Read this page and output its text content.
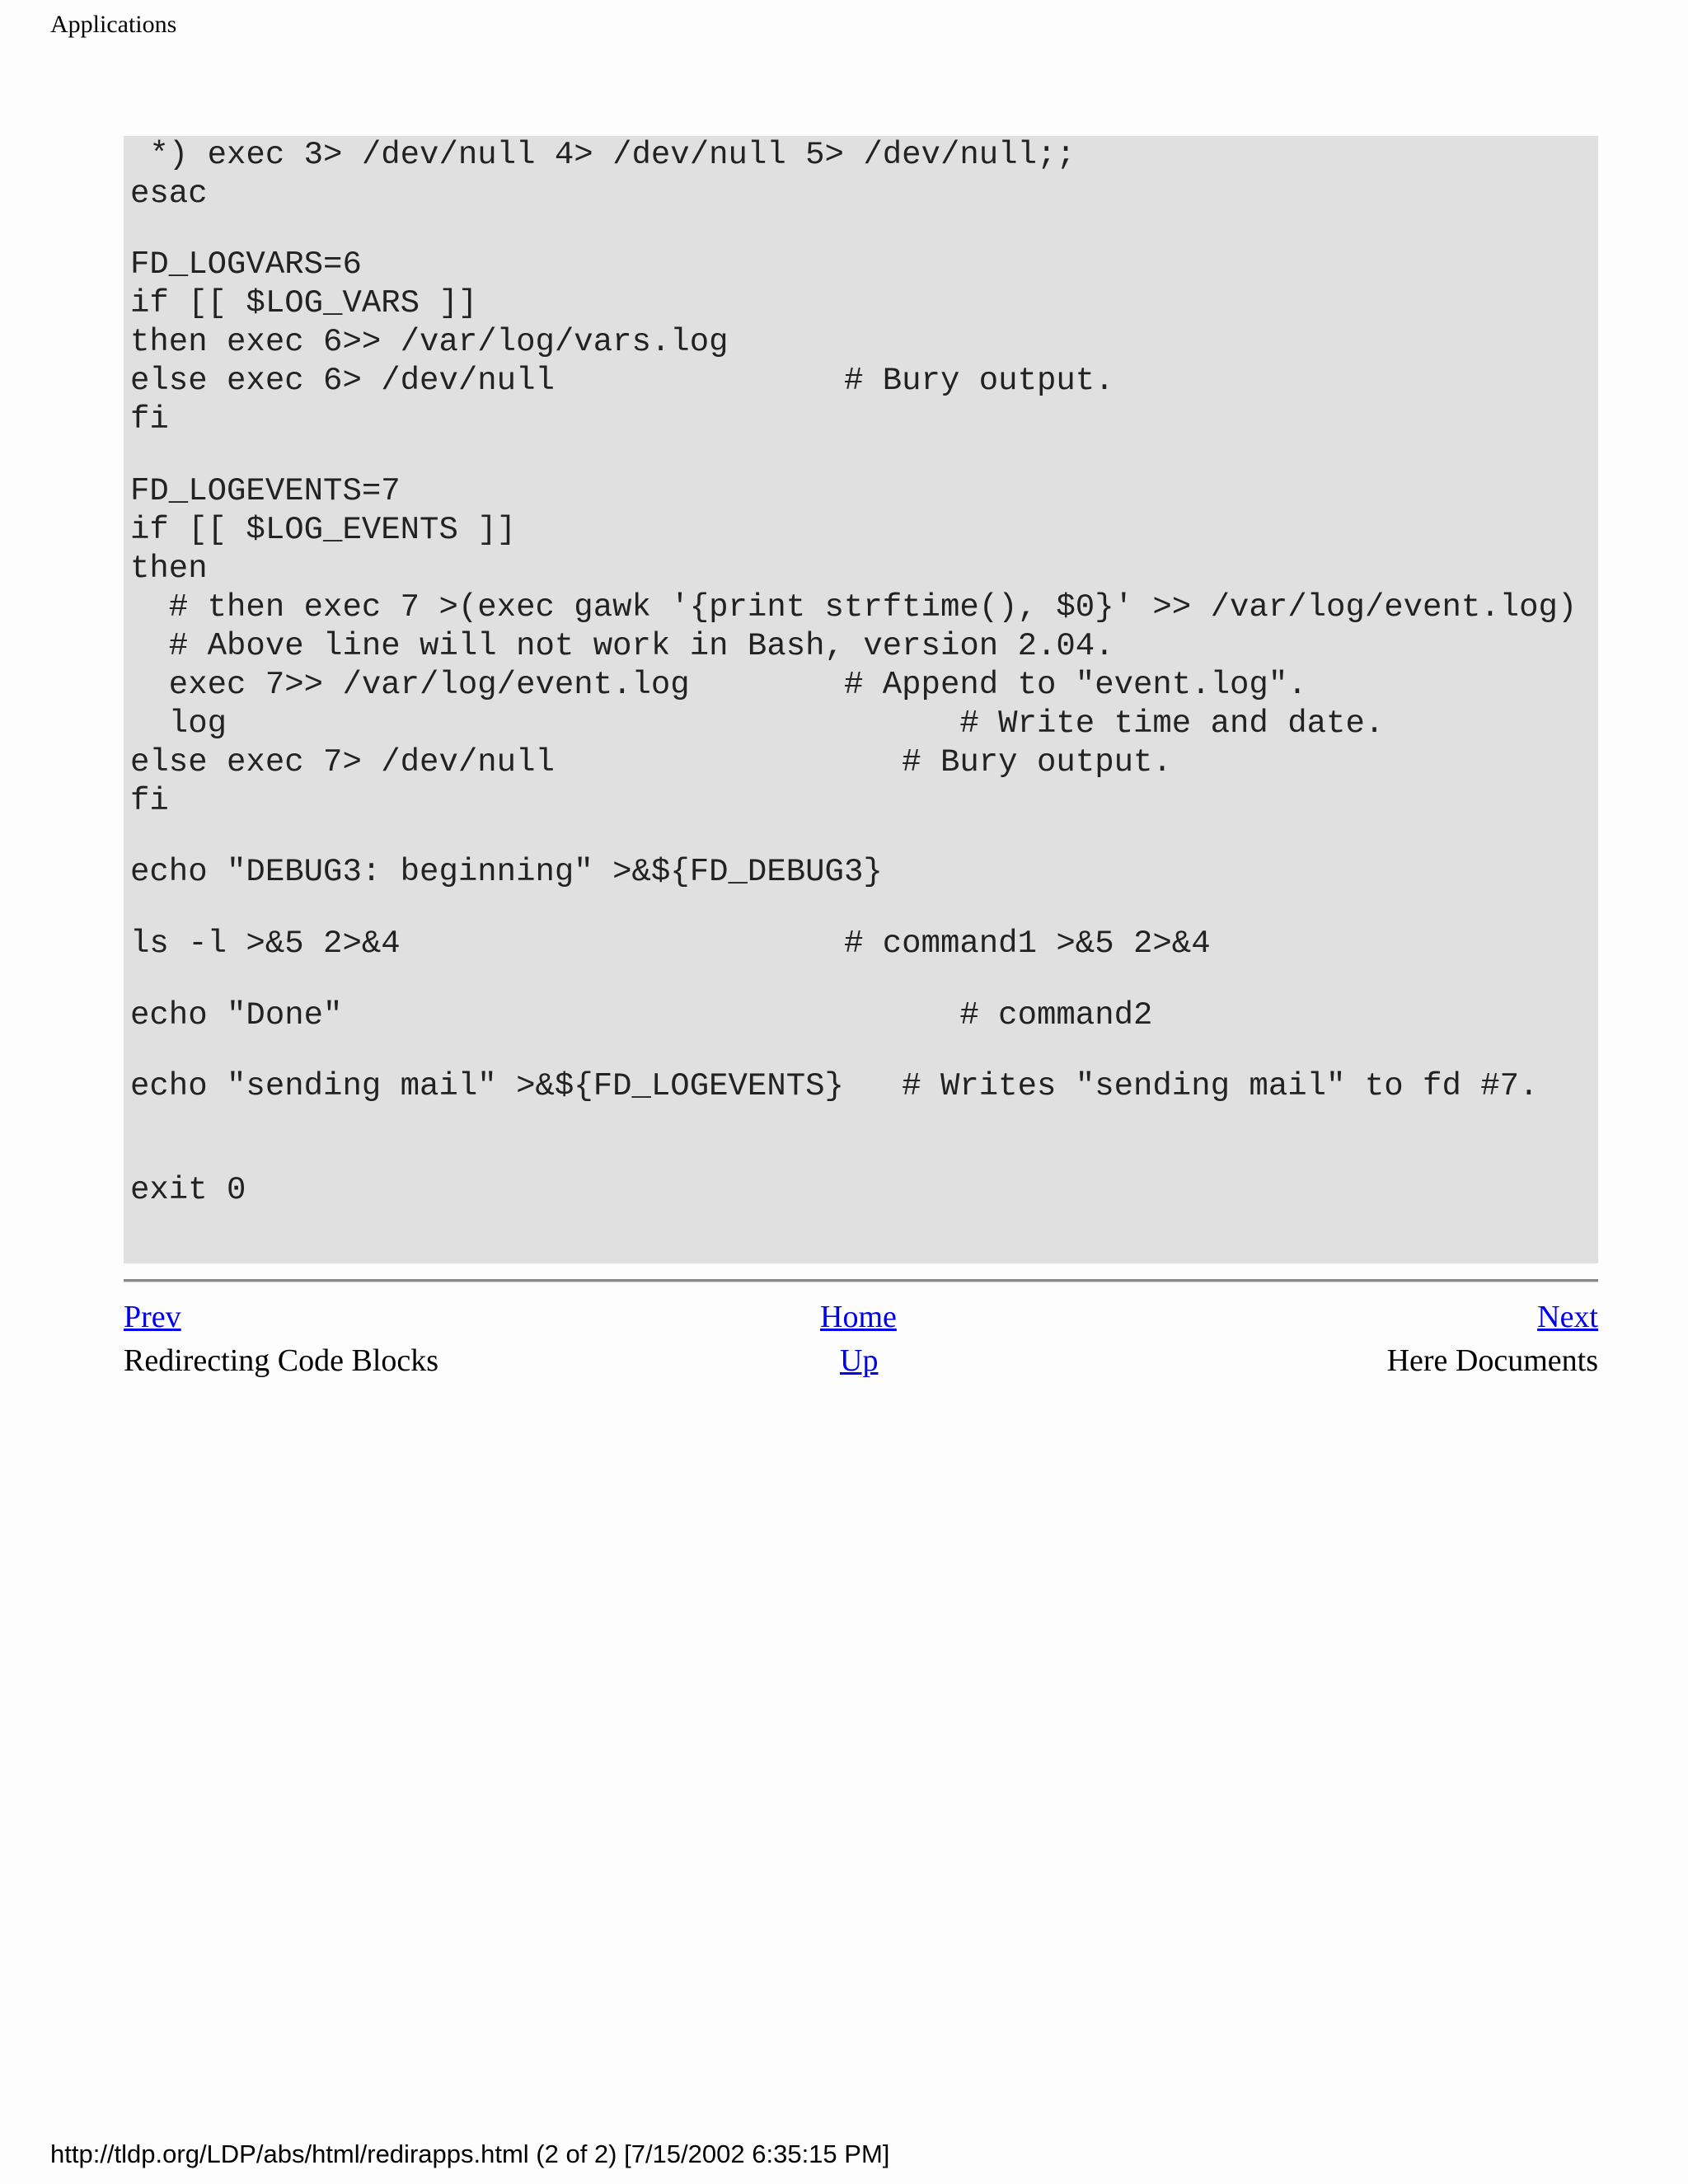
Applications
*) exec 3> /dev/null 4> /dev/null 5> /dev/null;;
esac
FD_LOGVARS=6
if [[ $LOG_VARS ]]
then exec 6>> /var/log/vars.log
else exec 6> /dev/null               # Bury output.
fi
FD_LOGEVENTS=7
if [[ $LOG_EVENTS ]]
then
# then exec 7 >(exec gawk '{print strftime(), $0}' >> /var/log/event.log)
# Above line will not work in Bash, version 2.04.
exec 7>> /var/log/event.log        # Append to "event.log".
log                                      # Write time and date.
else exec 7> /dev/null                  # Bury output.
fi
echo "DEBUG3: beginning" >&${FD_DEBUG3}
ls -l >&5 2>&4                       # command1 >&5 2>&4
echo "Done"                                # command2
echo "sending mail" >&${FD_LOGEVENTS}   # Writes "sending mail" to fd #7.
exit 0
Prev	Home	Next
Redirecting Code Blocks	Up	Here Documents
http://tldp.org/LDP/abs/html/redirapps.html (2 of 2) [7/15/2002 6:35:15 PM]
